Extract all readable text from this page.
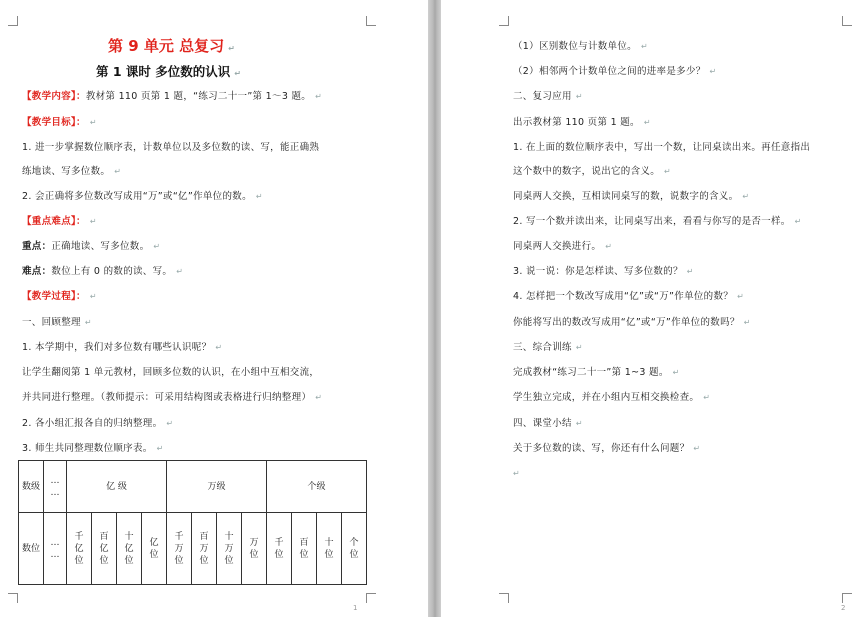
第 9 单元 总复习 ↵
第 1 课时 多位数的认识 ↵
【教学内容】：教材第 110 页第 1 题，“练习二十一”第 1～3 题。 ↵
【教学目标】： ↵
1. 进一步掌握数位顺序表，计数单位以及多位数的读、写，能正确熟
练地读、写多位数。 ↵
2. 会正确将多位数改写成用“万”或“亿”作单位的数。 ↵
【重点难点】： ↵
重点：正确地读、写多位数。 ↵
难点：数位上有 0 的数的读、写。 ↵
【教学过程】： ↵
一、回顾整理 ↵
1. 本学期中，我们对多位数有哪些认识呢？ ↵
让学生翻阅第 1 单元教材，回顾多位数的认识，在小组中互相交流，
并共同进行整理。（教师提示：可采用结构图或表格进行归纳整理） ↵
2. 各小组汇报各自的归纳整理。 ↵
3. 师生共同整理数位顺序表。 ↵
数级	…
…	亿 级				万级				个级			

数位	…
…	千
亿
位	百
亿
位	十
亿
位	亿
位	千
万
位	百
万
位	十
万
位	万
位	千
位	百
位	十
位	个
位
1
（1）区别数位与计数单位。 ↵
（2）相邻两个计数单位之间的进率是多少？ ↵
二、复习应用 ↵
出示教材第 110 页第 1 题。 ↵
1. 在上面的数位顺序表中，写出一个数，让同桌读出来。再任意指出
这个数中的数字，说出它的含义。 ↵
同桌两人交换，互相读同桌写的数，说数字的含义。 ↵
2. 写一个数并读出来，让同桌写出来，看看与你写的是否一样。 ↵
同桌两人交换进行。 ↵
3. 说一说：你是怎样读、写多位数的？ ↵
4. 怎样把一个数改写成用“亿”或“万”作单位的数？ ↵
你能将写出的数改写成用“亿”或“万”作单位的数吗？ ↵
三、综合训练 ↵
完成教材“练习二十一”第 1~3 题。 ↵
学生独立完成，并在小组内互相交换检查。 ↵
四、课堂小结 ↵
关于多位数的读、写，你还有什么问题？ ↵
↵
2
